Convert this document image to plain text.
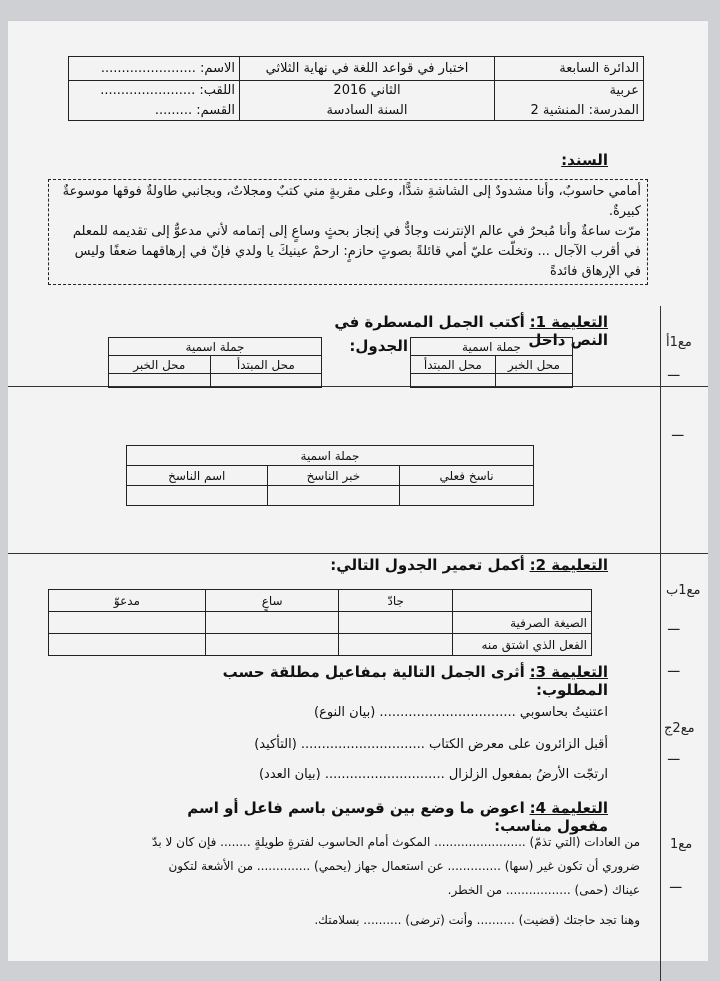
الدائرة السابعة	اختبار في قواعد اللغة في نهاية الثلاثي	الاسم: .......................
عربية	الثاني 2016	اللقب: .......................
المدرسة: المنشية 2	السنة السادسة	القسم: .........
السند:
أمامي حاسوبٌ، وأنا مشدودٌ إلى الشاشةِ شدًّا، وعلى مقربةٍ مني كتبٌ ومجلاتٌ، وبجانبي طاولةٌ فوقها موسوعةٌ كبيرةٌ.
مرّت ساعةٌ وأنا مُبحرٌ في عالم الإنترنت وجادٌّ في إنجاز بحثٍ وساعٍ إلى إتمامه لأني مدعوٌّ إلى تقديمه للمعلم في أقرب الآجال ... وتخلّت عليّ أمي قائلةً بصوتٍ حازمٍ: ارحمْ عينيكَ يا ولدي فإنّ في إرهاقهما ضعفًا وليس في الإرهاق فائدةً
التعليمة 1: أكتب الجمل المسطرة في النص داخل
الجدول:
جملة اسمية	
محل المبتدأ	محل الخبر

جملة اسمية	
محل الخبر	محل المبتدأ

جملة اسمية		
ناسخ فعلي	خبر الناسخ	اسم الناسخ

التعليمة 2: أكمل تعمير الجدول التالي:
	جادّ	ساعٍ	مدعوّ
الصيغة الصرفية			
الفعل الذي اشتق منه			
التعليمة 3: أثرى الجمل التالية بمفاعيل مطلقة حسب المطلوب:
اعتنيتُ بحاسوبي ................................. (بيان النوع)
أقبل الزائرون على معرض الكتاب .............................. (التأكيد)
ارتجّت الأرضُ بمفعول الزلزال ............................. (بيان العدد)
التعليمة 4: اعوض ما وضع بين قوسين باسم فاعل أو اسم مفعول مناسب:
من العادات (التي تذمّ) ........................ المكوث أمام الحاسوب لفترةٍ طويلةٍ ........ فإن كان لا بدّ
ضروري أن تكون غير (سها) .............. عن استعمال جهاز (يحمي) .............. من الأشعة لتكون
عيناك (حمى) ................. من الخطر.
وهنا تجد حاجتك (قضيت) .......... وأنت (ترضى) .......... بسلامتك.
مع1أ
ـــ
ـــ
مع1ب
ـــ
ـــ
مع2ج
ـــ
مع1
ـــ
